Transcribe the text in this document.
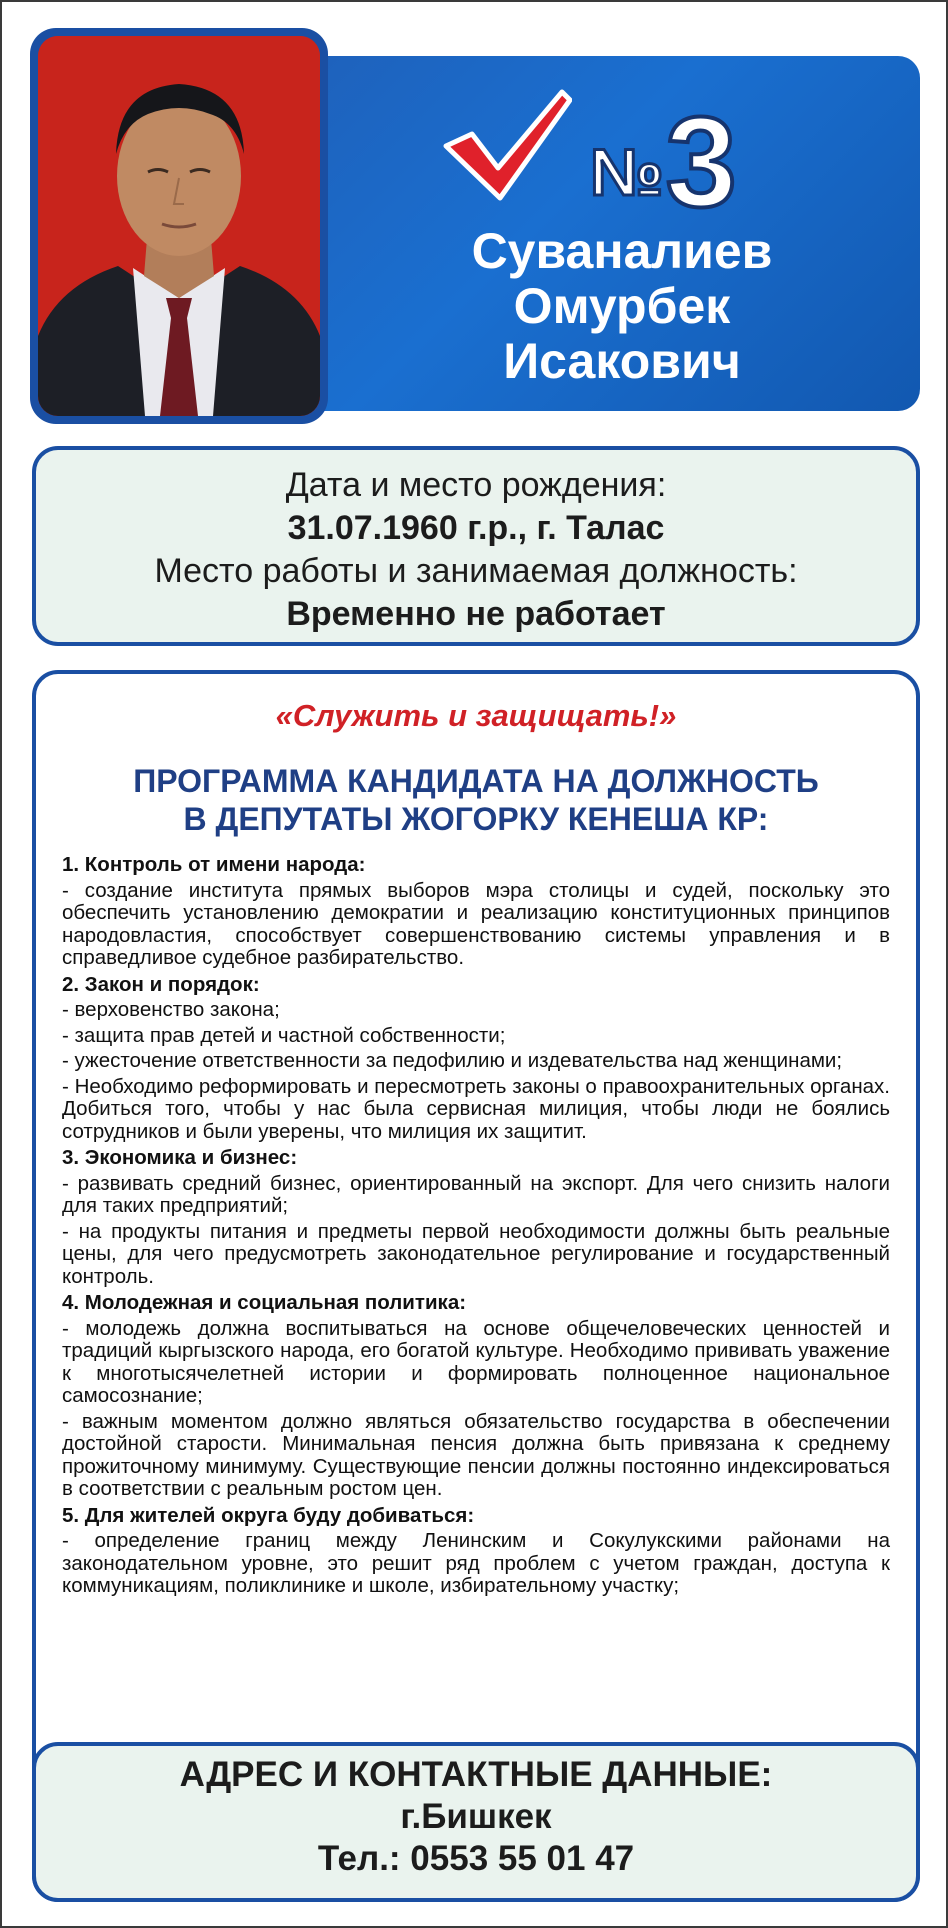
№ 3
Суваналиев
Омурбек
Исакович
Дата и место рождения:
31.07.1960 г.р., г. Талас
Место работы и занимаемая должность:
Временно не работает
«Служить и защищать!»
ПРОГРАММА КАНДИДАТА НА ДОЛЖНОСТЬ
В ДЕПУТАТЫ ЖОГОРКУ КЕНЕША КР:
1. Контроль от имени народа:
- создание института прямых выборов мэра столицы и судей, поскольку это обеспечить установлению демократии и реализацию конституционных принципов народовластия, способствует совершенствованию системы управления и в справедливое судебное разбирательство.
2. Закон и порядок:
- верховенство закона;
- защита прав детей и частной собственности;
- ужесточение ответственности за педофилию и издевательства над женщинами;
- Необходимо реформировать и пересмотреть законы о правоохранительных органах. Добиться того, чтобы у нас была сервисная милиция, чтобы люди не боялись сотрудников и были уверены, что милиция их защитит.
3. Экономика и бизнес:
- развивать средний бизнес, ориентированный на экспорт. Для чего снизить налоги для таких предприятий;
- на продукты питания и предметы первой необходимости должны быть реальные цены, для чего предусмотреть законодательное регулирование и государственный контроль.
4. Молодежная и социальная политика:
- молодежь должна воспитываться на основе общечеловеческих ценностей и традиций кыргызского народа, его богатой культуре. Необходимо прививать уважение к многотысячелетней истории и формировать полноценное национальное самосознание;
- важным моментом должно являться обязательство государства в обеспечении достойной старости. Минимальная пенсия должна быть привязана к среднему прожиточному минимуму. Существующие пенсии должны постоянно индексироваться в соответствии с реальным ростом цен.
5. Для жителей округа буду добиваться:
- определение границ между Ленинским и Сокулукскими районами на законодательном уровне, это решит ряд проблем с учетом граждан, доступа к коммуникациям, поликлинике и школе, избирательному участку;
АДРЕС И КОНТАКТНЫЕ ДАННЫЕ:
г.Бишкек
Тел.: 0553 55 01 47
